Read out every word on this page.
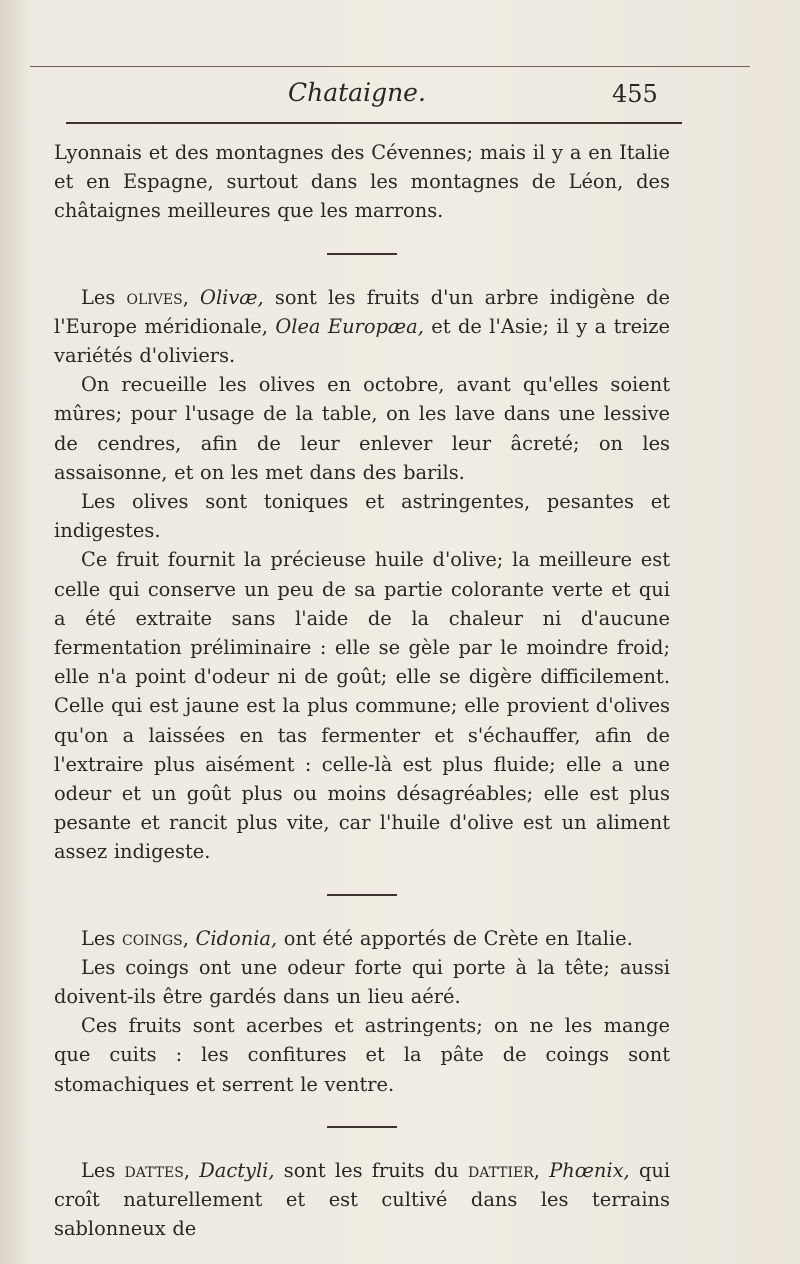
Chataigne.	455

Lyonnais et des montagnes des Cévennes; mais il y a en Italie et en Espagne, surtout dans les montagnes de Léon, des châtaignes meilleures que les marrons.

Les olives, Olivæ, sont les fruits d'un arbre indigène de l'Europe méridionale, Olea Europæa, et de l'Asie; il y a treize variétés d'oliviers.

On recueille les olives en octobre, avant qu'elles soient mûres; pour l'usage de la table, on les lave dans une lessive de cendres, afin de leur enlever leur âcreté; on les assaisonne, et on les met dans des barils.

Les olives sont toniques et astringentes, pesantes et indigestes.

Ce fruit fournit la précieuse huile d'olive; la meilleure est celle qui conserve un peu de sa partie colorante verte et qui a été extraite sans l'aide de la chaleur ni d'aucune fermentation préliminaire : elle se gèle par le moindre froid; elle n'a point d'odeur ni de goût; elle se digère difficilement. Celle qui est jaune est la plus commune; elle provient d'olives qu'on a laissées en tas fermenter et s'échauffer, afin de l'extraire plus aisément : celle-là est plus fluide; elle a une odeur et un goût plus ou moins désagréables; elle est plus pesante et rancit plus vite, car l'huile d'olive est un aliment assez indigeste.

Les coings, Cidonia, ont été apportés de Crète en Italie.

Les coings ont une odeur forte qui porte à la tête; aussi doivent-ils être gardés dans un lieu aéré.

Ces fruits sont acerbes et astringents; on ne les mange que cuits : les confitures et la pâte de coings sont stomachiques et serrent le ventre.

Les dattes, Dactyli, sont les fruits du dattier, Phœnix, qui croît naturellement et est cultivé dans les terrains sablonneux de
